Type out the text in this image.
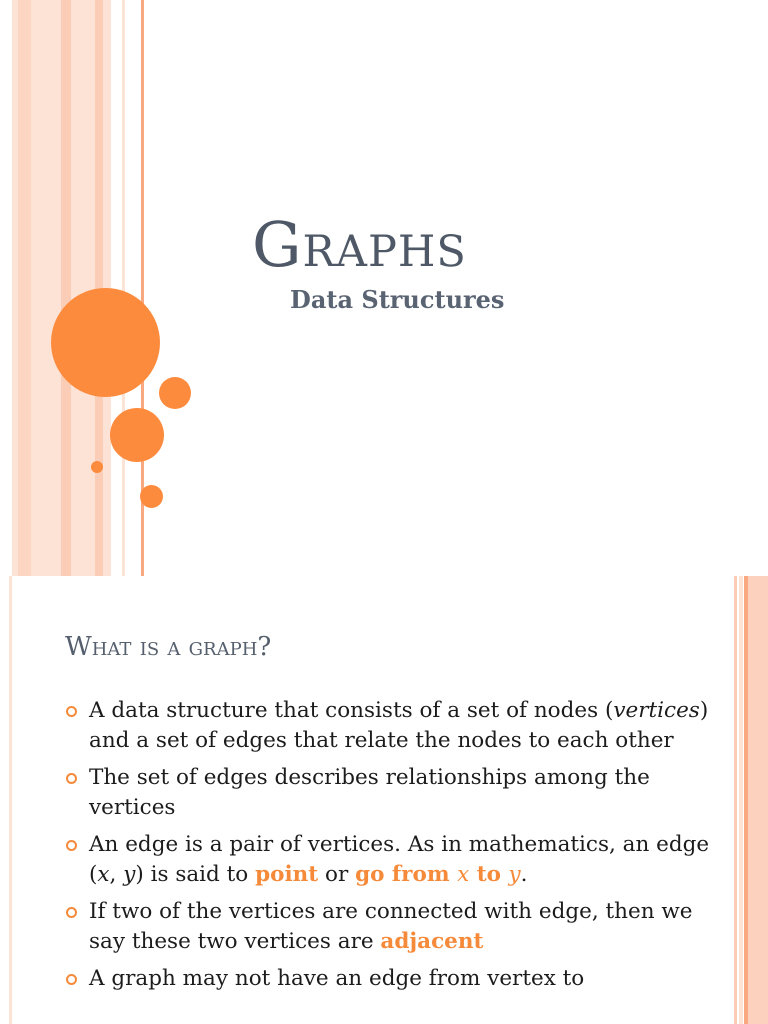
Graphs
Data Structures
What is a graph?
A data structure that consists of a set of nodes (vertices) and a set of edges that relate the nodes to each other
The set of edges describes relationships among the vertices
An edge is a pair of vertices. As in mathematics, an edge (x, y) is said to point or go from x to y.
If two of the vertices are connected with edge, then we say these two vertices are adjacent
A graph may not have an edge from vertex to
